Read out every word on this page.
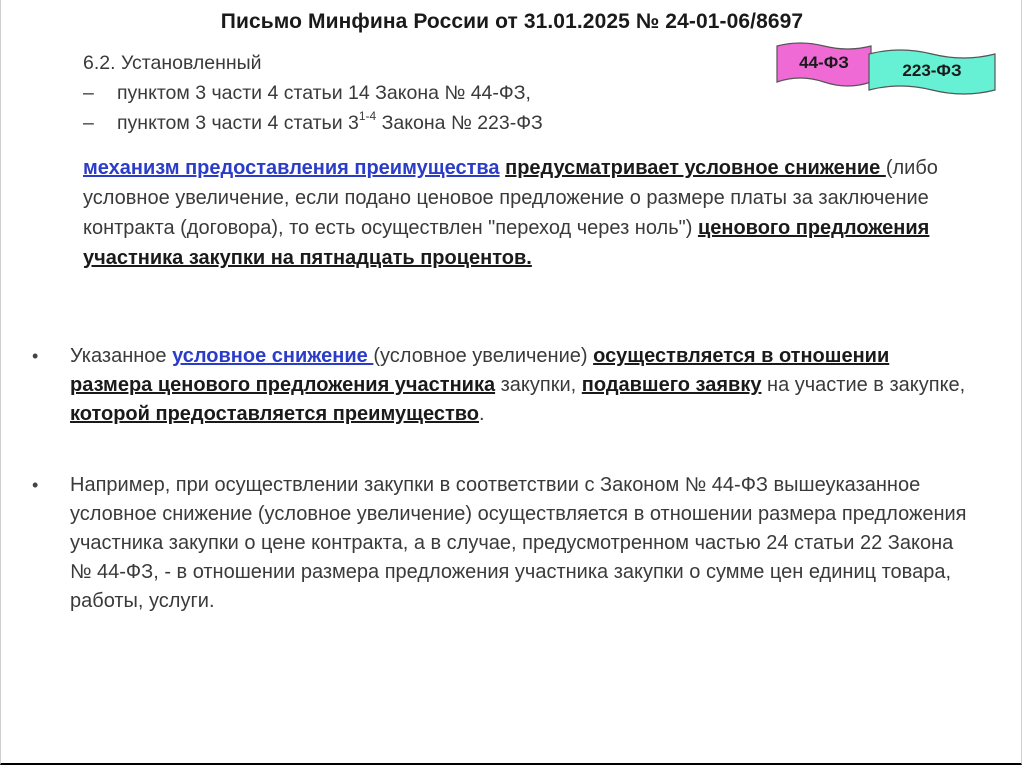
Письмо Минфина России от 31.01.2025 № 24-01-06/8697
44-ФЗ	223-ФЗ
6.2. Установленный
– пунктом 3 части 4 статьи 14 Закона № 44-ФЗ,
– пунктом 3 части 4 статьи 3$^{1-4}$ Закона № 223-ФЗ
механизм предоставления преимущества предусматривает условное снижение (либо условное увеличение, если подано ценовое предложение о размере платы за заключение контракта (договора), то есть осуществлен "переход через ноль") ценового предложения участника закупки на пятнадцать процентов.
• Указанное условное снижение (условное увеличение) осуществляется в отношении размера ценового предложения участника закупки, подавшего заявку на участие в закупке, которой предоставляется преимущество.
• Например, при осуществлении закупки в соответствии с Законом № 44-ФЗ вышеуказанное условное снижение (условное увеличение) осуществляется в отношении размера предложения участника закупки о цене контракта, а в случае, предусмотренном частью 24 статьи 22 Закона № 44-ФЗ, - в отношении размера предложения участника закупки о сумме цен единиц товара, работы, услуги.
